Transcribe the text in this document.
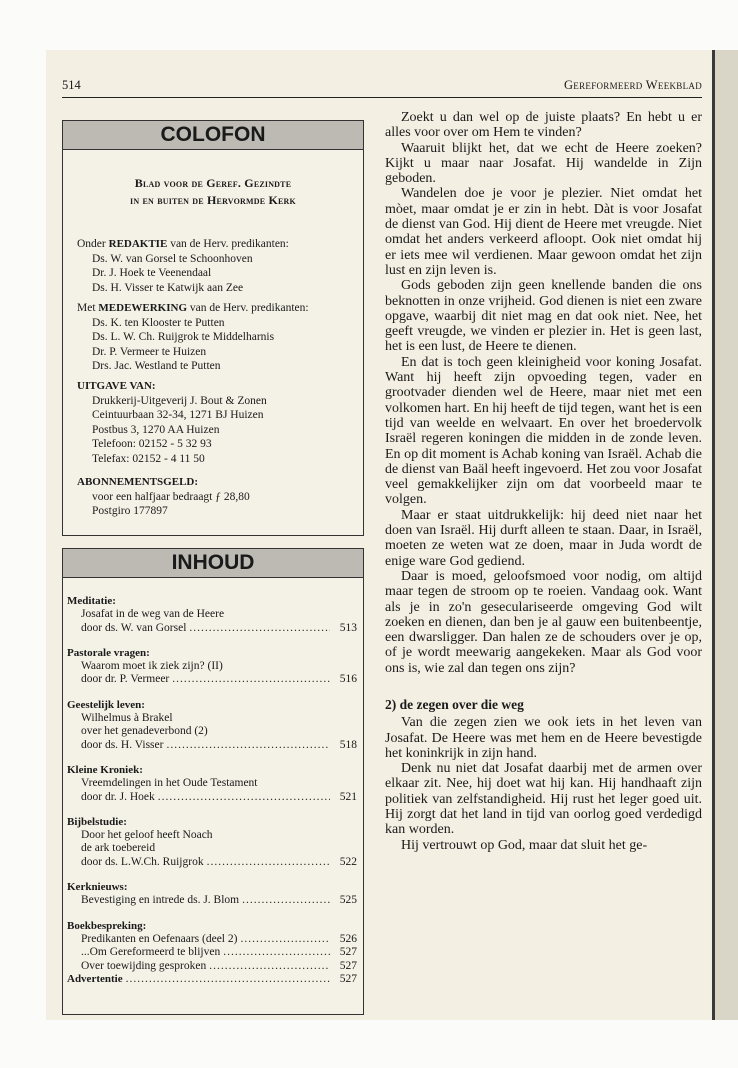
514	Gereformeerd Weekblad
COLOFON
Blad voor de Geref. Gezindte
in en buiten de Hervormde Kerk
Onder REDAKTIE van de Herv. predikanten:
Ds. W. van Gorsel te Schoonhoven
Dr. J. Hoek te Veenendaal
Ds. H. Visser te Katwijk aan Zee
Met MEDEWERKING van de Herv. predikanten:
Ds. K. ten Klooster te Putten
Ds. L. W. Ch. Ruijgrok te Middelharnis
Dr. P. Vermeer te Huizen
Drs. Jac. Westland te Putten
UITGAVE VAN:
Drukkerij-Uitgeverij J. Bout & Zonen
Ceintuurbaan 32-34, 1271 BJ Huizen
Postbus 3, 1270 AA Huizen
Telefoon: 02152 - 5 32 93
Telefax: 02152 - 4 11 50
ABONNEMENTSGELD:
voor een halfjaar bedraagt ƒ 28,80
Postgiro 177897
INHOUD
Meditatie:
Josafat in de weg van de Heere
door ds. W. van Gorsel .....	513
Pastorale vragen:
Waarom moet ik ziek zijn? (II)
door dr. P. Vermeer .....	516
Geestelijk leven:
Wilhelmus à Brakel
over het genadeverbond (2)
door ds. H. Visser .....	518
Kleine Kroniek:
Vreemdelingen in het Oude Testament
door dr. J. Hoek .....	521
Bijbelstudie:
Door het geloof heeft Noach
de ark toebereid
door ds. L.W.Ch. Ruijgrok .....	522
Kerknieuws:
Bevestiging en intrede ds. J. Blom .....	525
Boekbespreking:
Predikanten en Oefenaars (deel 2) .....	526
...Om Gereformeerd te blijven .....	527
Over toewijding gesproken .....	527
Advertentie .....	527

Zoekt u dan wel op de juiste plaats? En hebt u er alles voor over om Hem te vinden?

Waaruit blijkt het, dat we echt de Heere zoeken? Kijkt u maar naar Josafat. Hij wandelde in Zijn geboden.

Wandelen doe je voor je plezier. Niet omdat het mòet, maar omdat je er zin in hebt. Dàt is voor Josafat de dienst van God. Hij dient de Heere met vreugde. Niet omdat het anders verkeerd afloopt. Ook niet omdat hij er iets mee wil verdienen. Maar gewoon omdat het zijn lust en zijn leven is.

Gods geboden zijn geen knellende banden die ons beknotten in onze vrijheid. God dienen is niet een zware opgave, waarbij dit niet mag en dat ook niet. Nee, het geeft vreugde, we vinden er plezier in. Het is geen last, het is een lust, de Heere te dienen.

En dat is toch geen kleinigheid voor koning Josafat. Want hij heeft zijn opvoeding tegen, vader en grootvader dienden wel de Heere, maar niet met een volkomen hart. En hij heeft de tijd tegen, want het is een tijd van weelde en welvaart. En over het broedervolk Israël regeren koningen die midden in de zonde leven. En op dit moment is Achab koning van Israël. Achab die de dienst van Baäl heeft ingevoerd. Het zou voor Josafat veel gemakkelijker zijn om dat voorbeeld maar te volgen.

Maar er staat uitdrukkelijk: hij deed niet naar het doen van Israël. Hij durft alleen te staan. Daar, in Israël, moeten ze weten wat ze doen, maar in Juda wordt de enige ware God gediend.

Daar is moed, geloofsmoed voor nodig, om altijd maar tegen de stroom op te roeien. Vandaag ook. Want als je in zo'n geseculariseerde omgeving God wilt zoeken en dienen, dan ben je al gauw een buitenbeentje, een dwarsligger. Dan halen ze de schouders over je op, of je wordt meewarig aangekeken. Maar als God voor ons is, wie zal dan tegen ons zijn?

2) de zegen over die weg

Van die zegen zien we ook iets in het leven van Josafat. De Heere was met hem en de Heere bevestigde het koninkrijk in zijn hand.

Denk nu niet dat Josafat daarbij met de armen over elkaar zit. Nee, hij doet wat hij kan. Hij handhaaft zijn politiek van zelfstandigheid. Hij rust het leger goed uit. Hij zorgt dat het land in tijd van oorlog goed verdedigd kan worden.

Hij vertrouwt op God, maar dat sluit het ge-
